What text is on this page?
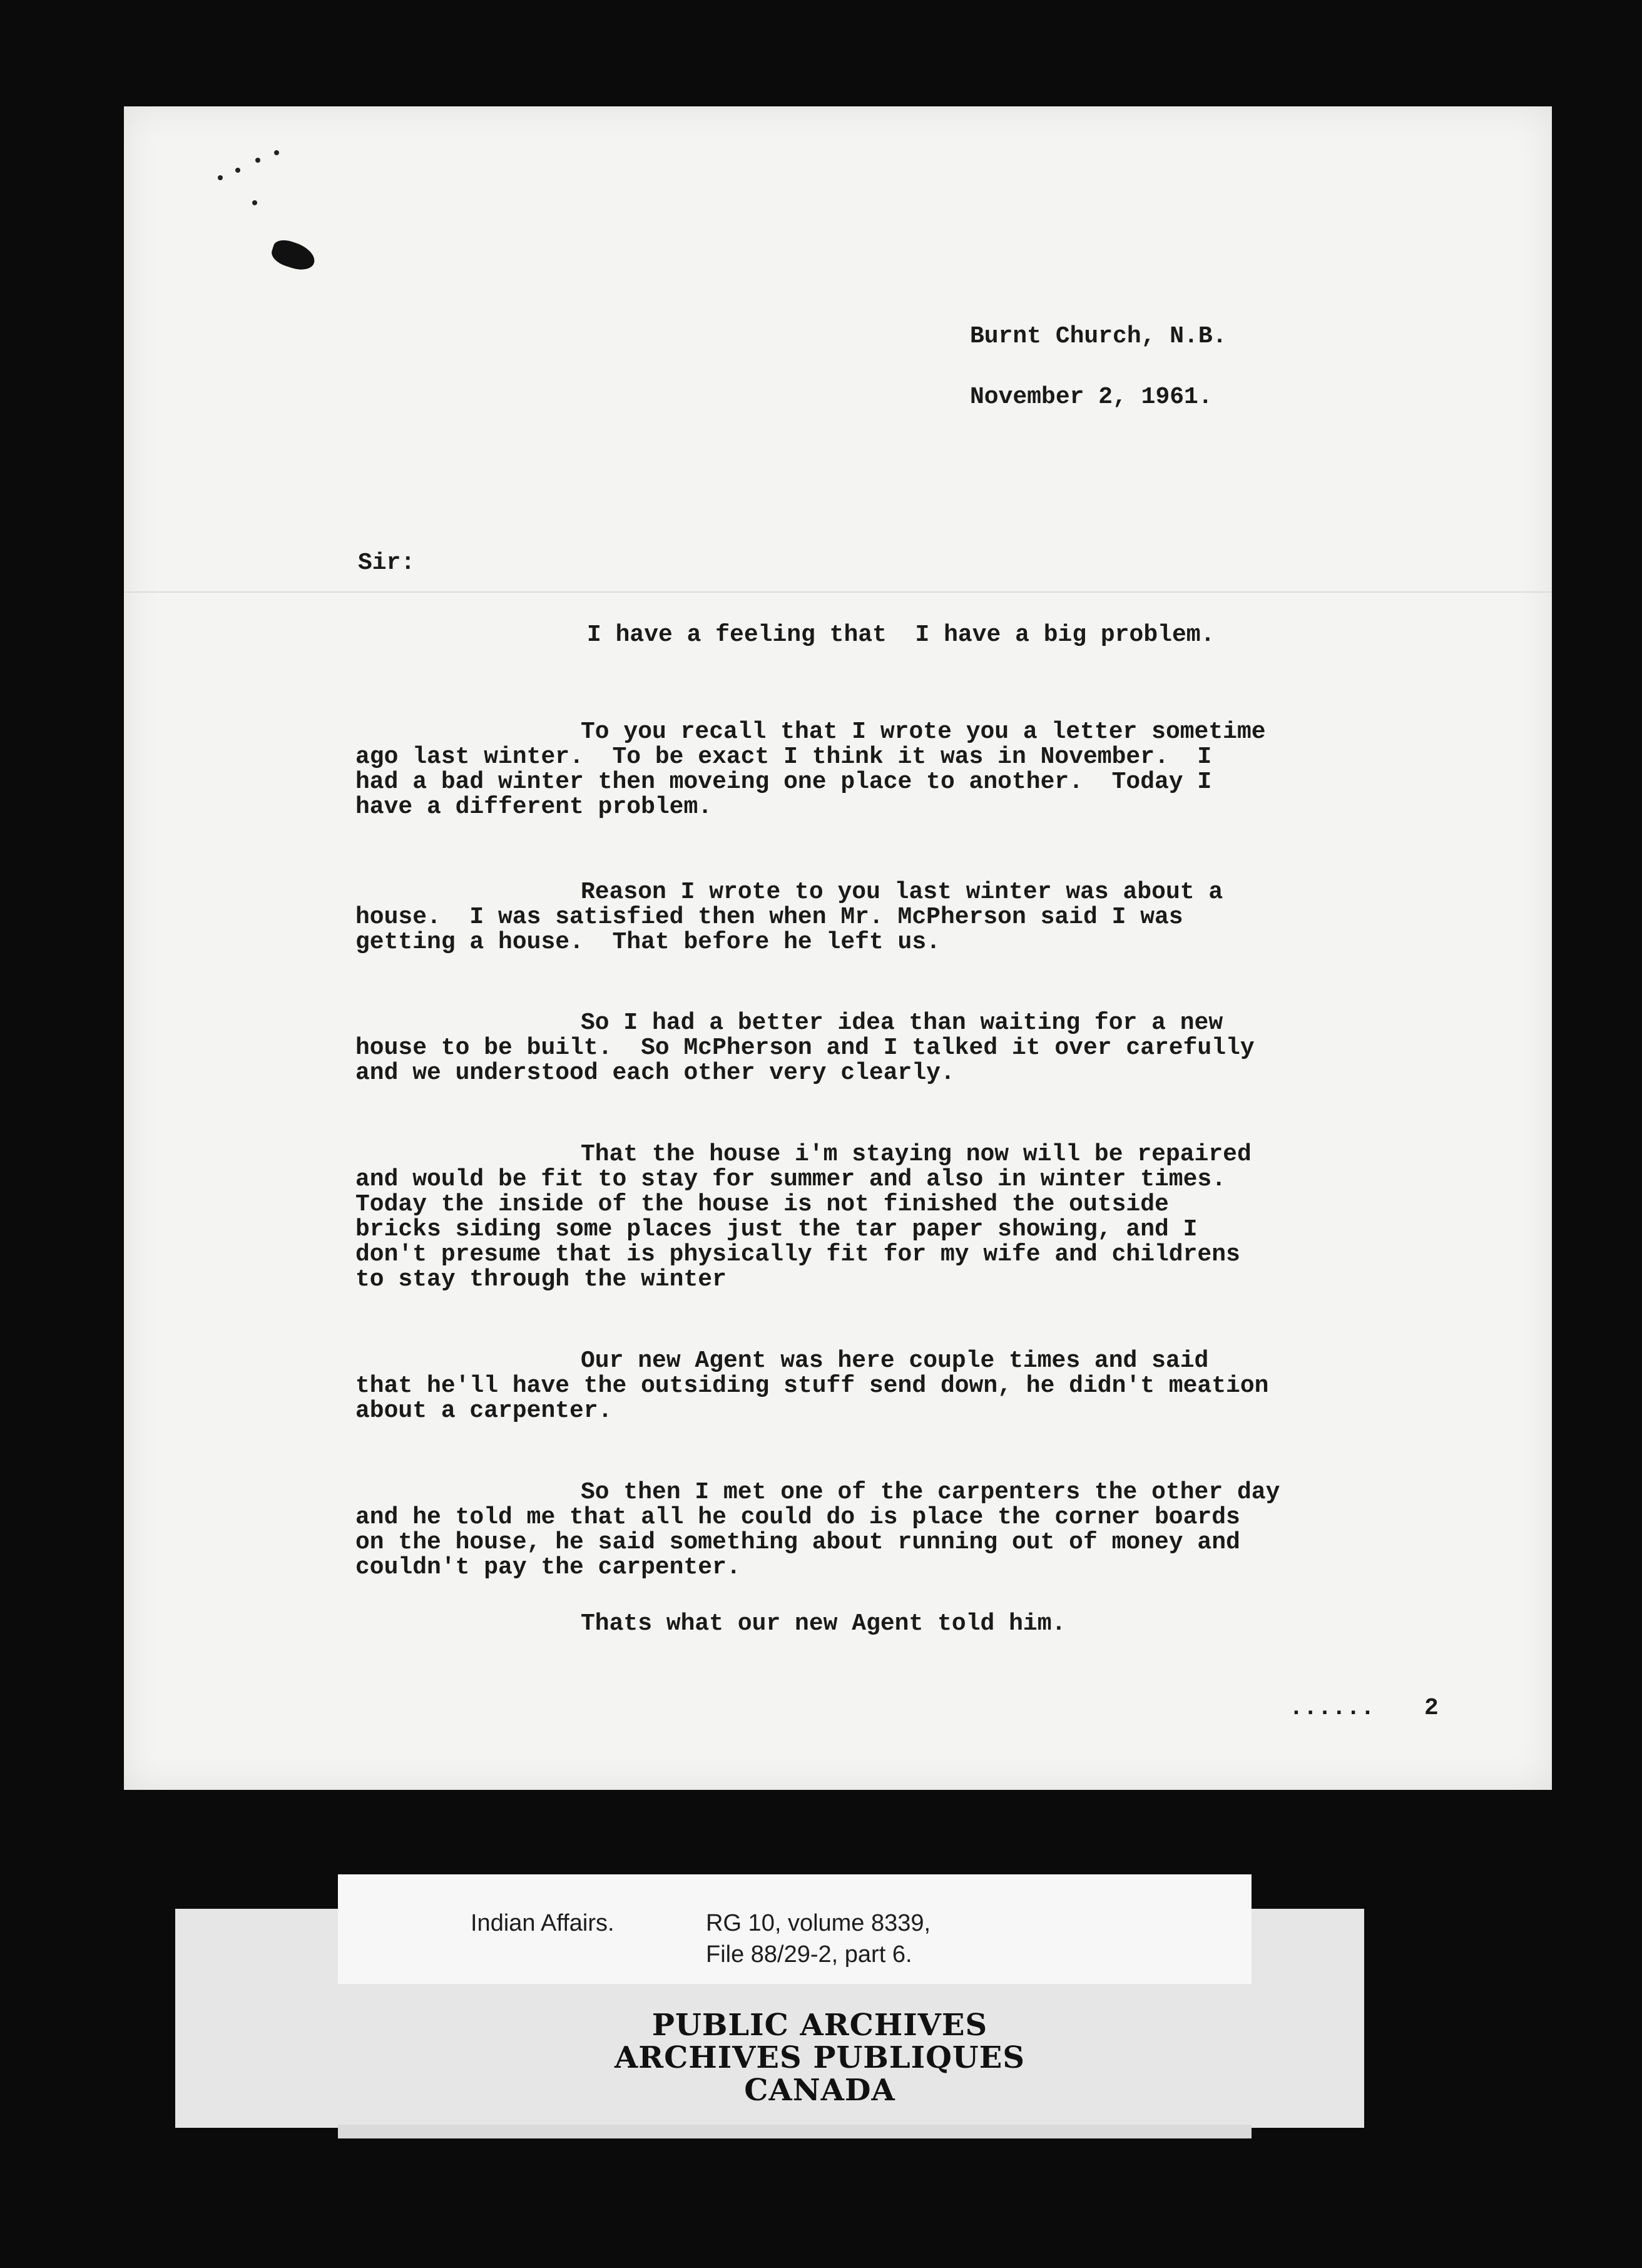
Burnt Church, N.B.
November 2, 1961.
Sir:
I have a feeling that  I have a big problem.
To you recall that I wrote you a letter sometime
ago last winter.  To be exact I think it was in November.  I
had a bad winter then moveing one place to another.  Today I
have a different problem.
Reason I wrote to you last winter was about a
house.  I was satisfied then when Mr. McPherson said I was
getting a house.  That before he left us.
So I had a better idea than waiting for a new
house to be built.  So McPherson and I talked it over carefully
and we understood each other very clearly.
That the house i'm staying now will be repaired
and would be fit to stay for summer and also in winter times.
Today the inside of the house is not finished the outside
bricks siding some places just the tar paper showing, and I
don't presume that is physically fit for my wife and childrens
to stay through the winter
Our new Agent was here couple times and said
that he'll have the outsiding stuff send down, he didn't meation
about a carpenter.
So then I met one of the carpenters the other day
and he told me that all he could do is place the corner boards
on the house, he said something about running out of money and
couldn't pay the carpenter.
Thats what our new Agent told him.
...... 2
Indian Affairs.	RG 10, volume 8339,
File 88/29-2, part 6.
PUBLIC ARCHIVES
ARCHIVES PUBLIQUES
CANADA
